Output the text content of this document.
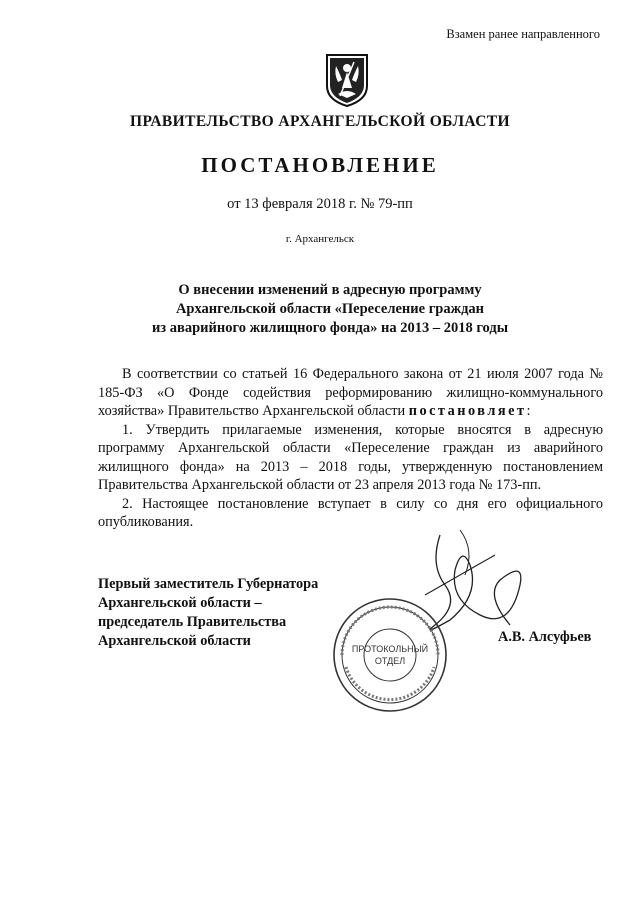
Взамен ранее направленного
ПРАВИТЕЛЬСТВО АРХАНГЕЛЬСКОЙ ОБЛАСТИ
ПОСТАНОВЛЕНИЕ
от 13 февраля 2018 г. № 79-пп
г. Архангельск
О внесении изменений в адресную программу
Архангельской области «Переселение граждан
из аварийного жилищного фонда» на 2013 – 2018 годы

В соответствии со статьей 16 Федерального закона от 21 июля 2007 года № 185-ФЗ «О Фонде содействия реформированию жилищно-коммунального хозяйства» Правительство Архангельской области постановляет:

1. Утвердить прилагаемые изменения, которые вносятся в адресную программу Архангельской области «Переселение граждан из аварийного жилищного фонда» на 2013 – 2018 годы, утвержденную постановлением Правительства Архангельской области от 23 апреля 2013 года № 173-пп.

2. Настоящее постановление вступает в силу со дня его официального опубликования.

ПРОТОКОЛЬНЫЙ
ОТДЕЛ
Первый заместитель Губернатора
Архангельской области –
председатель Правительства
Архангельской области	А.В. Алсуфьев
